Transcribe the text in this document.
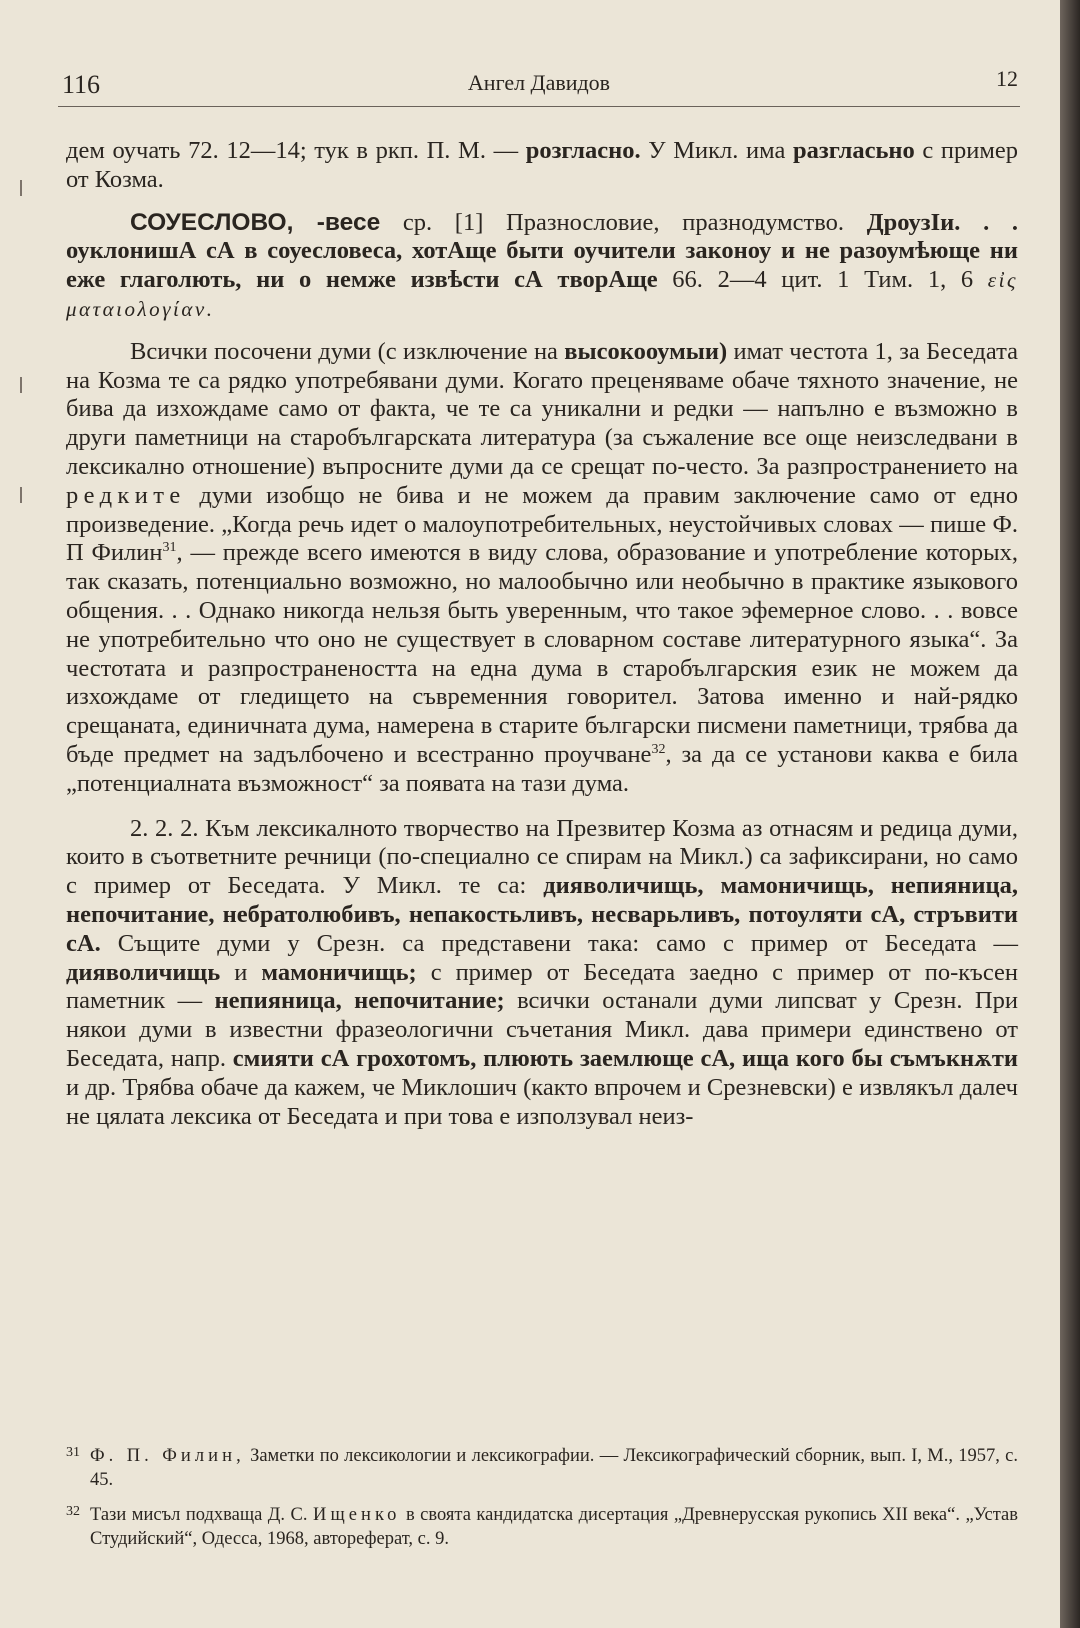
116	Ангел Давидов	12

дем оучать 72. 12—14; тук в ркп. П. М. — розгласно. У Микл. има разгласьно с пример от Козма.

СОУЕСЛОВО, -весе ср. [1] Празнословие, празнодумство. ДроузIи. . . оуклонишА сА в соуесловеса, хотАще быти оучители законоу и не разоумѣюще ни еже глаголють, ни о немже извѣсти сА творАще 66. 2—4 цит. 1 Тим. 1, 6 εἰς ματαιολογίαν.

Всички посочени думи (с изключение на высокооумыи) имат честота 1, за Беседата на Козма те са рядко употребявани думи. Когато преценяваме обаче тяхното значение, не бива да изхождаме само от факта, че те са уникални и редки — напълно е възможно в други паметници на старобългарската литература (за съжаление все още неизследвани в лексикално отношение) въпросните думи да се срещат по-често. За разпространението на редките думи изобщо не бива и не можем да правим заключение само от едно произведение. „Когда речь идет о малоупотребительных, неустойчивых словах — пише Ф. П Филин$^{31}$, — прежде всего имеются в виду слова, образование и употребление которых, так сказать, потенциально возможно, но малообычно или необычно в практике языкового общения. . . Однако никогда нельзя быть уверенным, что такое эфемерное слово. . . вовсе не употребительно что оно не существует в словарном составе литературного языка“. За честотата и разпространеността на една дума в старобългарския език не можем да изхождаме от гледището на съвременния говорител. Затова именно и най-рядко срещаната, единичната дума, намерена в старите български писмени паметници, трябва да бъде предмет на задълбочено и всестранно проучване$^{32}$, за да се установи каква е била „потенциалната възможност“ за появата на тази дума.

2. 2. 2. Към лексикалното творчество на Презвитер Козма аз отнасям и редица думи, които в съответните речници (по-специално се спирам на Микл.) са зафиксирани, но само с пример от Беседата. У Микл. те са: дияволичищь, мамоничищь, непияница, непочитание, небратолюбивъ, непакостьливъ, несварьливъ, потоуляти сА, стръвити сА. Същите думи у Срезн. са представени така: само с пример от Беседата — дияволичищь и мамоничищь; с пример от Беседата заедно с пример от по-късен паметник — непияница, непочитание; всички останали думи липсват у Срезн. При някои думи в известни фразеологични съчетания Микл. дава примери единствено от Беседата, напр. смияти сА грохотомъ, плюють заемлюще сА, ища кого бы съмъкнѫти и др. Трябва обаче да кажем, че Миклошич (както впрочем и Срезневски) е извлякъл далеч не цялата лексика от Беседата и при това е използувал неиз-

31 Ф. П. Филин, Заметки по лексикологии и лексикографии. — Лексикографический сборник, вып. I, М., 1957, с. 45.

32 Тази мисъл подхваща Д. С. Ищенко в своята кандидатска дисертация „Древнерусская рукопись XII века“. „Устав Студийский“, Одесса, 1968, автореферат, с. 9.
